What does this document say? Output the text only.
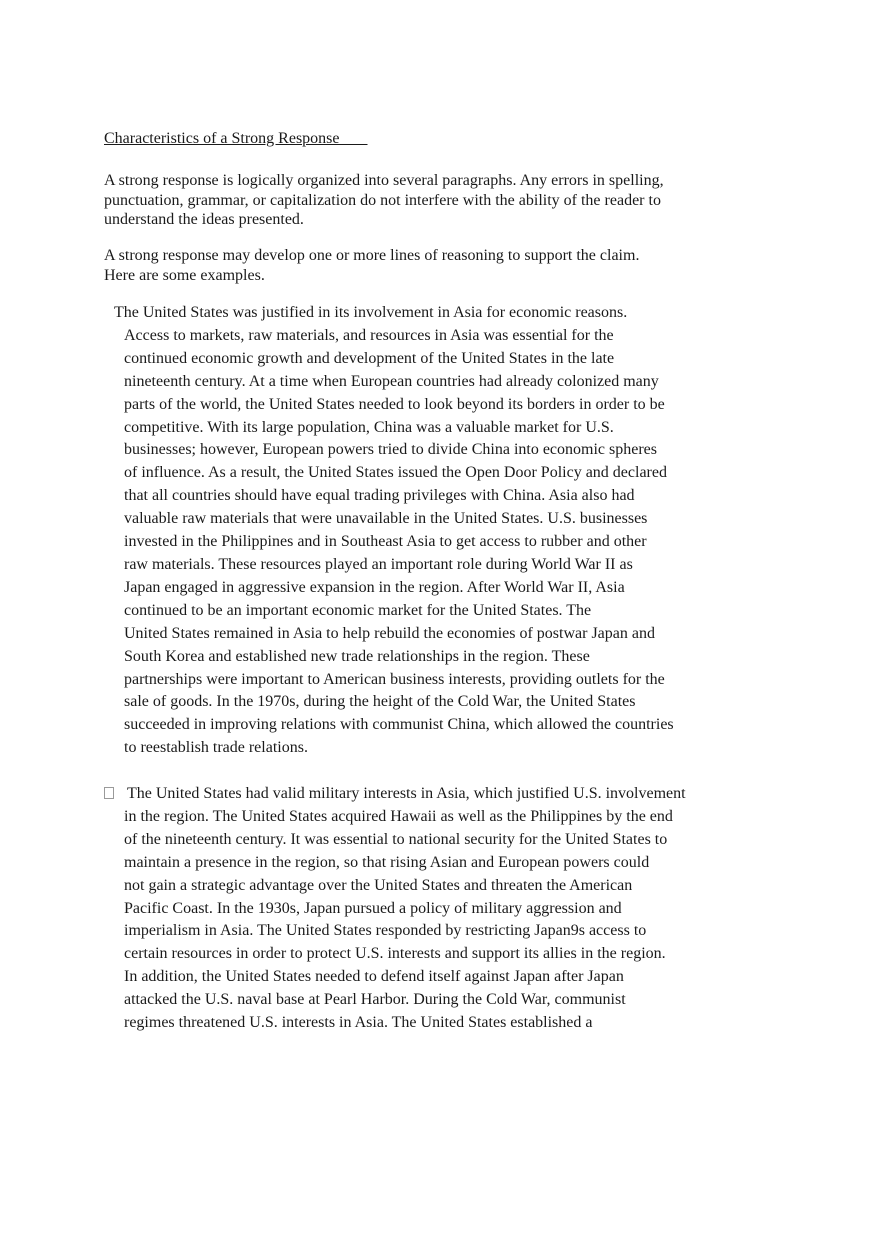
Characteristics of a Strong Response

A strong response is logically organized into several paragraphs. Any errors in spelling,
punctuation, grammar, or capitalization do not interfere with the ability of the reader to
understand the ideas presented.

A strong response may develop one or more lines of reasoning to support the claim.
Here are some examples.

The United States was justified in its involvement in Asia for economic reasons.
Access to markets, raw materials, and resources in Asia was essential for the
continued economic growth and development of the United States in the late
nineteenth century. At a time when European countries had already colonized many
parts of the world, the United States needed to look beyond its borders in order to be
competitive. With its large population, China was a valuable market for U.S.
businesses; however, European powers tried to divide China into economic spheres
of influence. As a result, the United States issued the Open Door Policy and declared
that all countries should have equal trading privileges with China. Asia also had
valuable raw materials that were unavailable in the United States. U.S. businesses
invested in the Philippines and in Southeast Asia to get access to rubber and other
raw materials. These resources played an important role during World War II as
Japan engaged in aggressive expansion in the region. After World War II, Asia
continued to be an important economic market for the United States. The
United States remained in Asia to help rebuild the economies of postwar Japan and
South Korea and established new trade relationships in the region. These
partnerships were important to American business interests, providing outlets for the
sale of goods. In the 1970s, during the height of the Cold War, the United States
succeeded in improving relations with communist China, which allowed the countries
to reestablish trade relations.
The United States had valid military interests in Asia, which justified U.S. involvement
in the region. The United States acquired Hawaii as well as the Philippines by the end
of the nineteenth century. It was essential to national security for the United States to
maintain a presence in the region, so that rising Asian and European powers could
not gain a strategic advantage over the United States and threaten the American
Pacific Coast. In the 1930s, Japan pursued a policy of military aggression and
imperialism in Asia. The United States responded by restricting Japan9s access to
certain resources in order to protect U.S. interests and support its allies in the region.
In addition, the United States needed to defend itself against Japan after Japan
attacked the U.S. naval base at Pearl Harbor. During the Cold War, communist
regimes threatened U.S. interests in Asia. The United States established a
